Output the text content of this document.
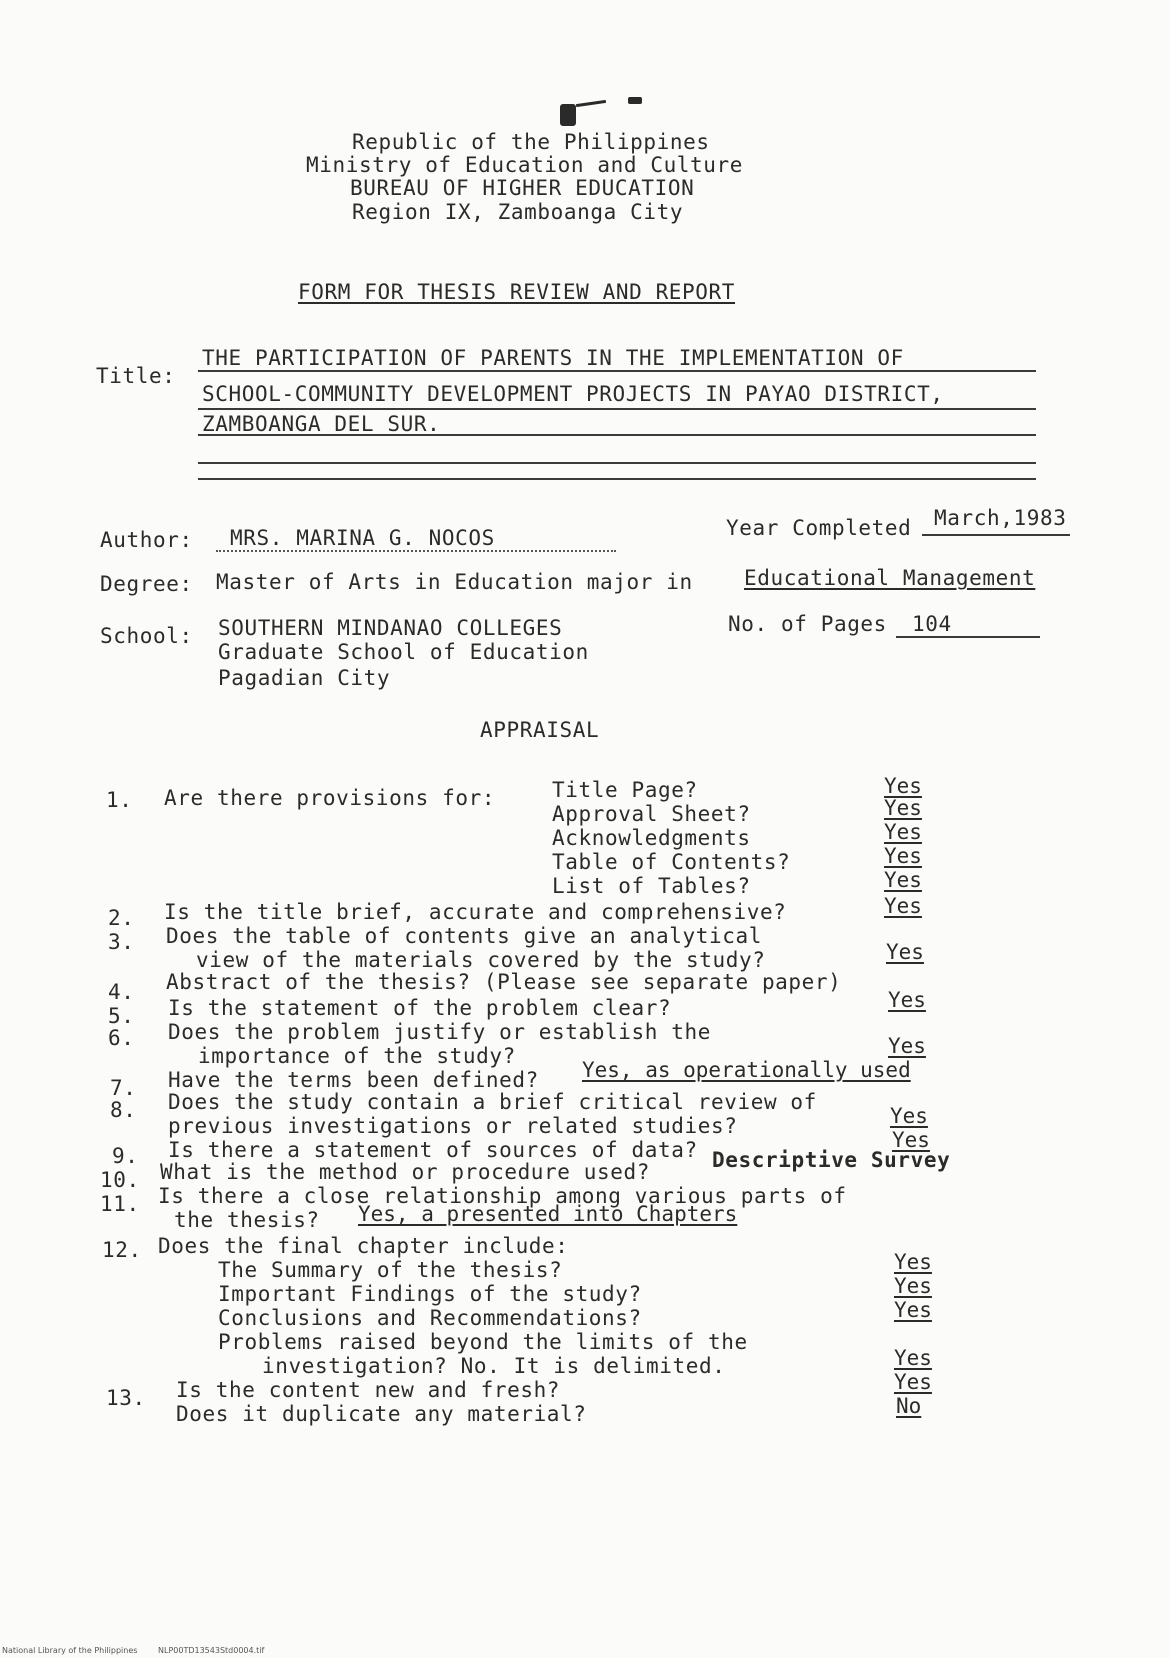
Republic of the Philippines
Ministry of Education and Culture
BUREAU OF HIGHER EDUCATION
Region IX, Zamboanga City
FORM FOR THESIS REVIEW AND REPORT
Title:
THE PARTICIPATION OF PARENTS IN THE IMPLEMENTATION OF
SCHOOL-COMMUNITY DEVELOPMENT PROJECTS IN PAYAO DISTRICT,
ZAMBOANGA DEL SUR.
Author: MRS. MARINA G. NOCOS	Year Completed March,1983
Degree: Master of Arts in Education major in Educational Management
School: SOUTHERN MINDANAO COLLEGES
Graduate School of Education
Pagadian City
No. of Pages 104
APPRAISAL
1. Are there provisions for:	Title Page?	Yes
Approval Sheet?	Yes
Acknowledgments	Yes
Table of Contents?	Yes
List of Tables?	Yes
2. Is the title brief, accurate and comprehensive?	Yes
3. Does the table of contents give an analytical
view of the materials covered by the study?	Yes
4. Abstract of the thesis? (Please see separate paper)
5. Is the statement of the problem clear?	Yes
6. Does the problem justify or establish the
importance of the study?	Yes
7. Have the terms been defined? Yes, as operationally used
8. Does the study contain a brief critical review of
previous investigations or related studies?	Yes
9. Is there a statement of sources of data?	Yes
10. What is the method or procedure used?	Descriptive Survey
11. Is there a close relationship among various parts of
the thesis? Yes, a presented into Chapters
12. Does the final chapter include:
The Summary of the thesis?	Yes
Important Findings of the study?	Yes
Conclusions and Recommendations?	Yes
Problems raised beyond the limits of the
investigation? No. It is delimited.	Yes
13. Is the content new and fresh?	Yes
Does it duplicate any material?	No
National Library of the Philippines	NLP00TD13543Std0004.tif
